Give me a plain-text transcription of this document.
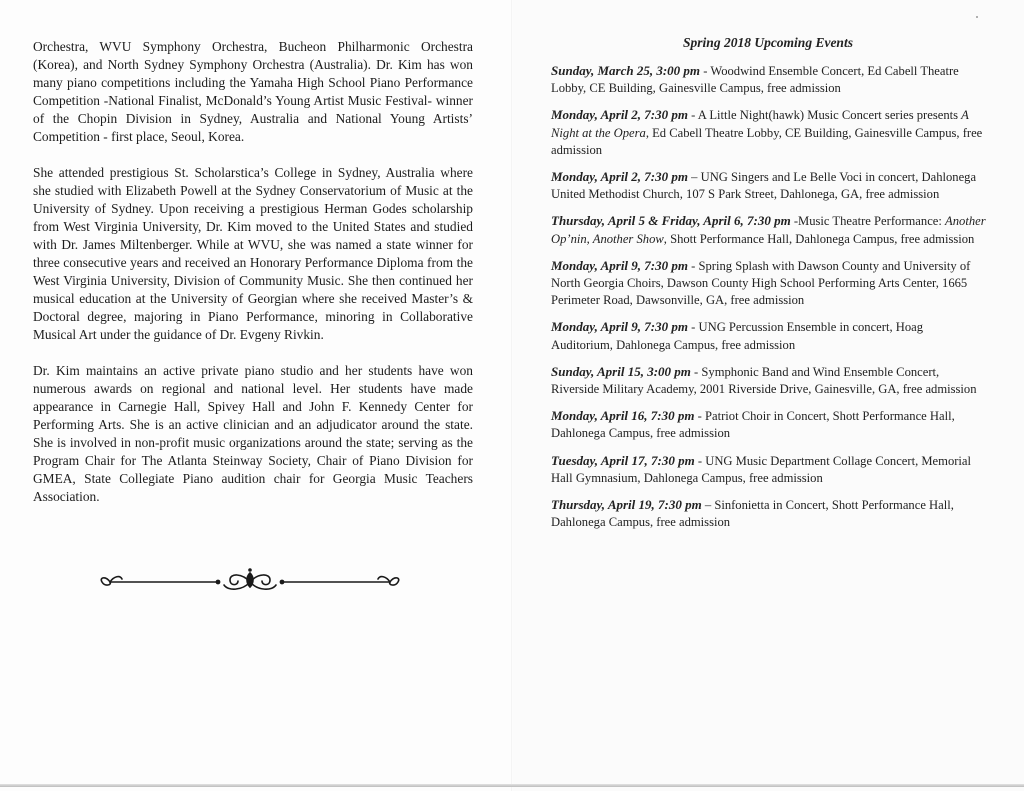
Orchestra, WVU Symphony Orchestra, Bucheon Philharmonic Orchestra (Korea), and North Sydney Symphony Orchestra (Australia). Dr. Kim has won many piano competitions including the Yamaha High School Piano Performance Competition -National Finalist, McDonald’s Young Artist Music Festival- winner of the Chopin Division in Sydney, Australia and National Young Artists’ Competition - first place, Seoul, Korea.

She attended prestigious St. Scholarstica’s College in Sydney, Australia where she studied with Elizabeth Powell at the Sydney Conservatorium of Music at the University of Sydney. Upon receiving a prestigious Herman Godes scholarship from West Virginia University, Dr. Kim moved to the United States and studied with Dr. James Miltenberger. While at WVU, she was named a state winner for three consecutive years and received an Honorary Performance Diploma from the West Virginia University, Division of Community Music. She then continued her musical education at the University of Georgian where she received Master’s & Doctoral degree, majoring in Piano Performance, minoring in Collaborative Musical Art under the guidance of Dr. Evgeny Rivkin.

Dr. Kim maintains an active private piano studio and her students have won numerous awards on regional and national level. Her students have made appearance in Carnegie Hall, Spivey Hall and John F. Kennedy Center for Performing Arts. She is an active clinician and an adjudicator around the state. She is involved in non-profit music organizations around the state; serving as the Program Chair for The Atlanta Steinway Society, Chair of Piano Division for GMEA, State Collegiate Piano audition chair for Georgia Music Teachers Association.

Spring 2018 Upcoming Events
Sunday, March 25, 3:00 pm - Woodwind Ensemble Concert, Ed Cabell Theatre Lobby, CE Building, Gainesville Campus, free admission
Monday, April 2, 7:30 pm - A Little Night(hawk) Music Concert series presents A Night at the Opera, Ed Cabell Theatre Lobby, CE Building, Gainesville Campus, free admission
Monday, April 2, 7:30 pm – UNG Singers and Le Belle Voci in concert, Dahlonega United Methodist Church, 107 S Park Street, Dahlonega, GA, free admission
Thursday, April 5 & Friday, April 6, 7:30 pm -Music Theatre Performance: Another Op’nin, Another Show, Shott Performance Hall, Dahlonega Campus, free admission
Monday, April 9, 7:30 pm - Spring Splash with Dawson County and University of North Georgia Choirs, Dawson County High School Performing Arts Center, 1665 Perimeter Road, Dawsonville, GA, free admission
Monday, April 9, 7:30 pm - UNG Percussion Ensemble in concert, Hoag Auditorium, Dahlonega Campus, free admission
Sunday, April 15, 3:00 pm - Symphonic Band and Wind Ensemble Concert, Riverside Military Academy, 2001 Riverside Drive, Gainesville, GA, free admission
Monday, April 16, 7:30 pm - Patriot Choir in Concert, Shott Performance Hall, Dahlonega Campus, free admission
Tuesday, April 17, 7:30 pm - UNG Music Department Collage Concert, Memorial Hall Gymnasium, Dahlonega Campus, free admission
Thursday, April 19, 7:30 pm – Sinfonietta in Concert, Shott Performance Hall, Dahlonega Campus, free admission
